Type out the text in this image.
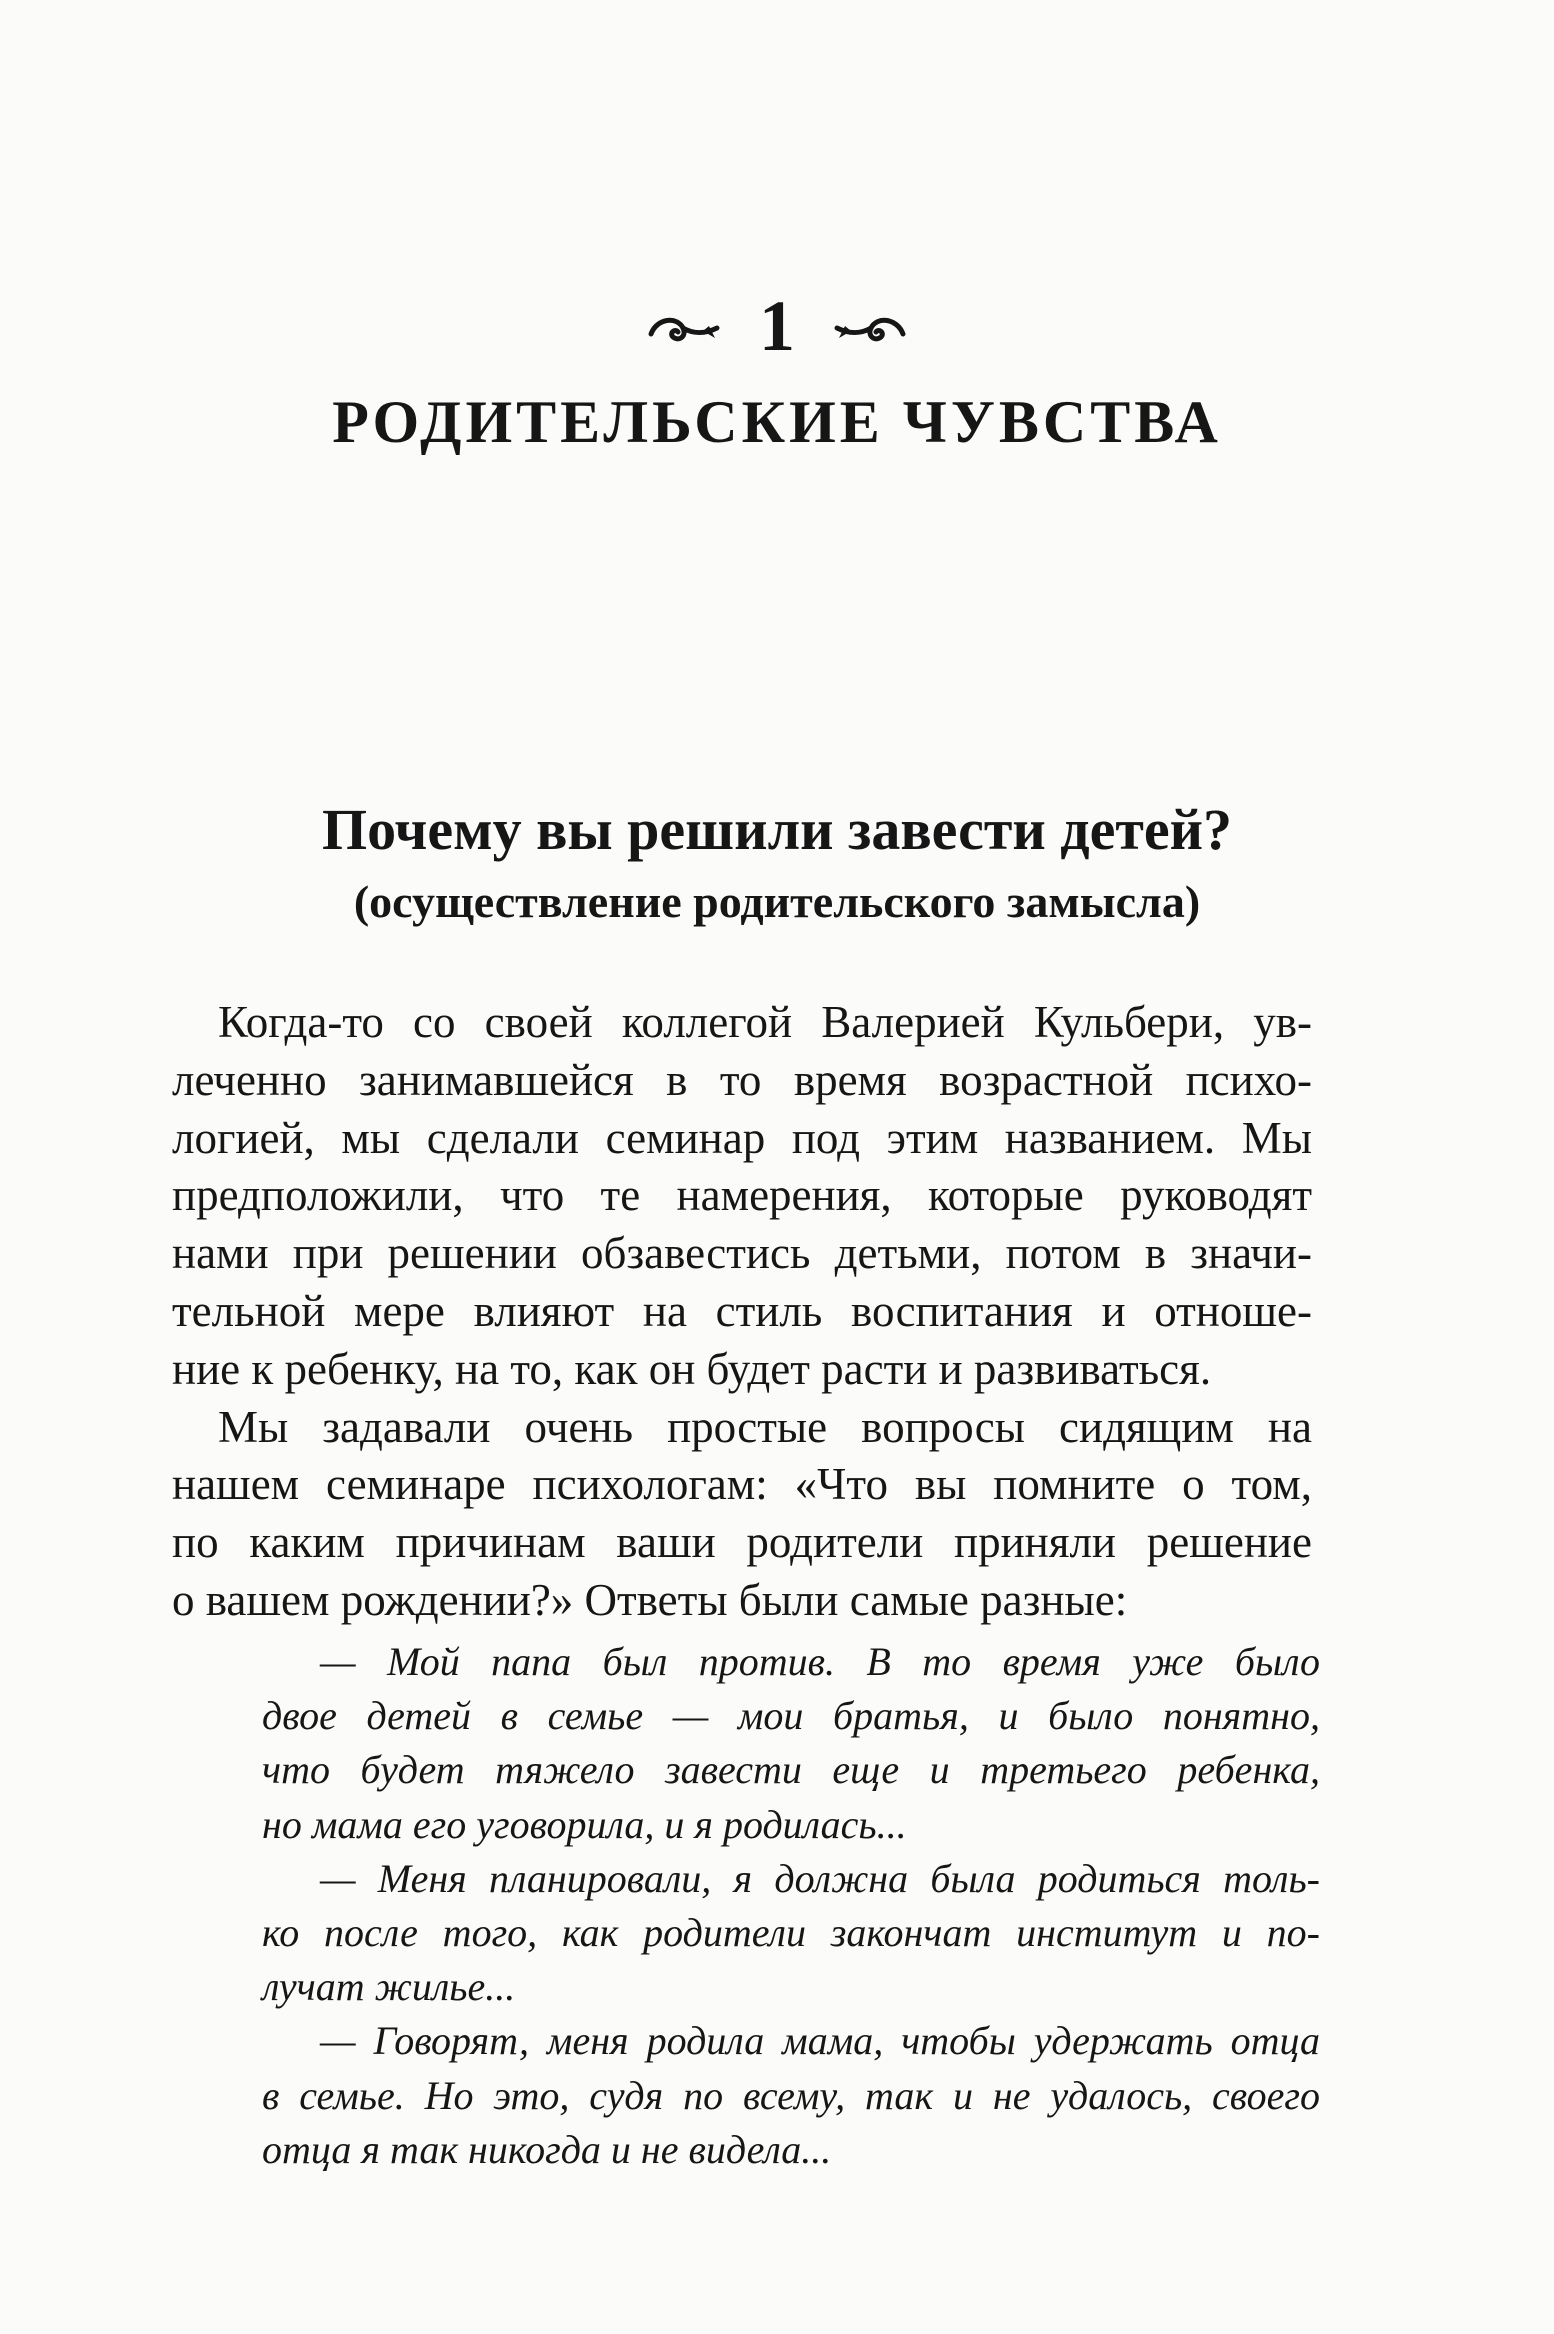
1
РОДИТЕЛЬСКИЕ ЧУВСТВА
Почему вы решили завести детей?
(осуществление родительского замысла)
Когда-то со своей коллегой Валерией Кульбери, ув-
леченно занимавшейся в то время возрастной психо-
логией, мы сделали семинар под этим названием. Мы
предположили, что те намерения, которые руководят
нами при решении обзавестись детьми, потом в значи-
тельной мере влияют на стиль воспитания и отноше-
ние к ребенку, на то, как он будет расти и развиваться.
Мы задавали очень простые вопросы сидящим на
нашем семинаре психологам: «Что вы помните о том,
по каким причинам ваши родители приняли решение
о вашем рождении?» Ответы были самые разные:
— Мой папа был против. В то время уже было
двое детей в семье — мои братья, и было понятно,
что будет тяжело завести еще и третьего ребенка,
но мама его уговорила, и я родилась...
— Меня планировали, я должна была родиться толь-
ко после того, как родители закончат институт и по-
лучат жилье...
— Говорят, меня родила мама, чтобы удержать отца
в семье. Но это, судя по всему, так и не удалось, своего
отца я так никогда и не видела...
